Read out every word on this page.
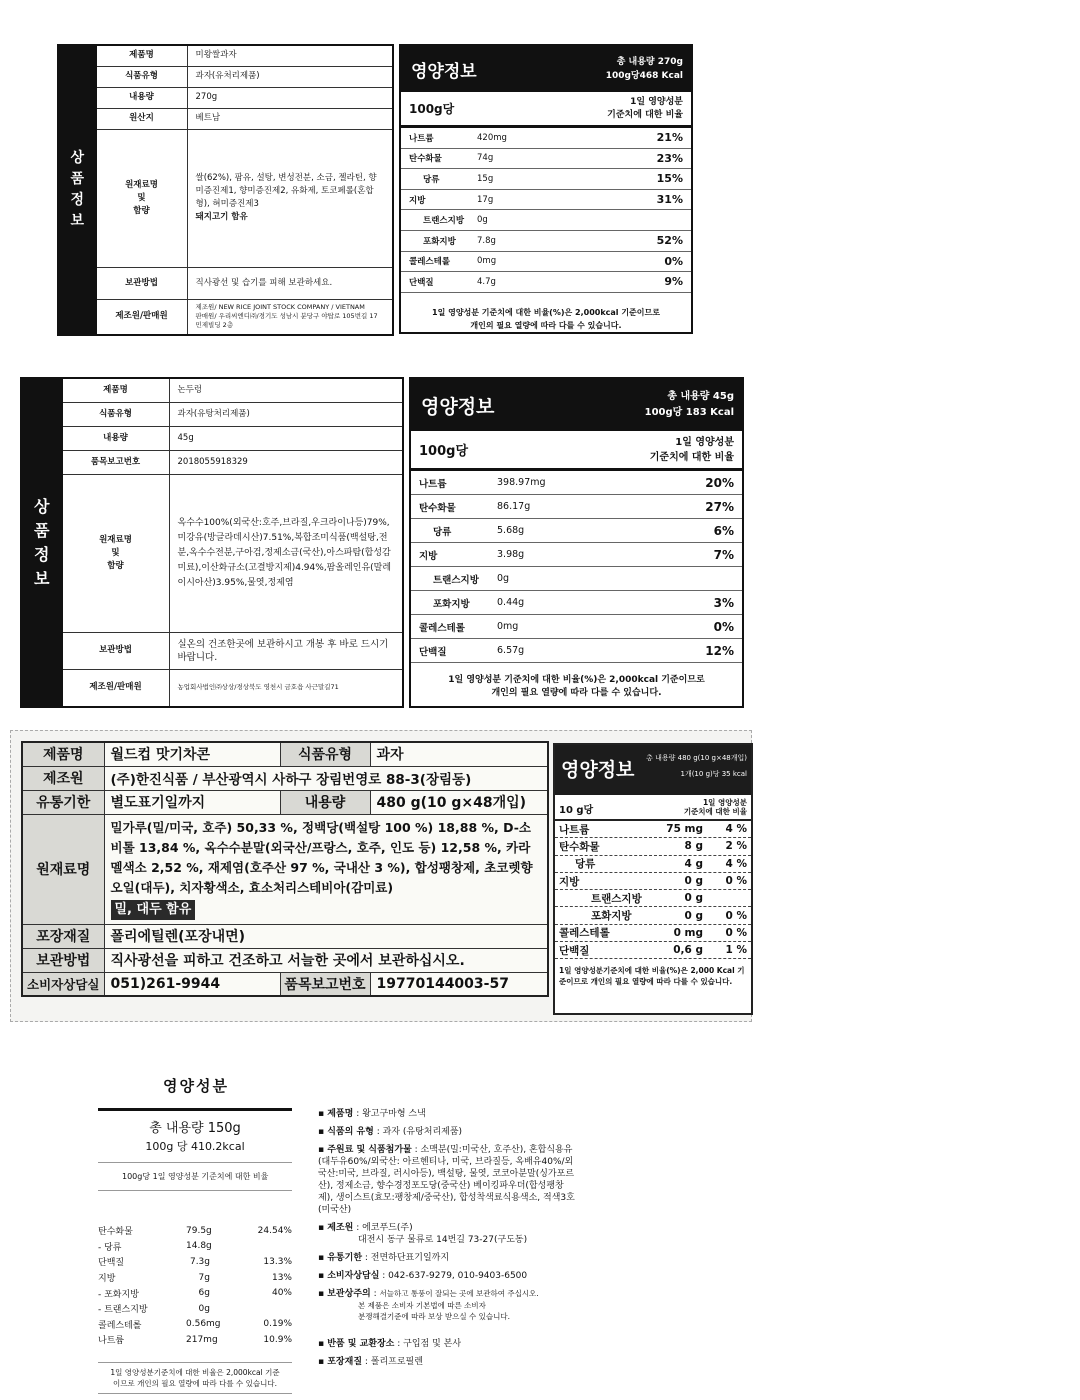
상
품
정
보	제품명	미왕쌀과자
	식품유형	과자(유처리제품)
	내용량	270g
	원산지	베트남
	원재료명
및
함량	쌀(62%), 팜유, 설탕, 변성전분, 소금, 젤라틴, 향미증진제1, 향미증진제2, 유화제, 토코페롤(혼합형), 혀미증진제3
돼지고기 함유
	보관방법	직사광선 및 습기를 피해 보관하세요.
	제조원/판매원	제조원/ NEW RICE JOINT STOCK COMPANY / VIETNAM
판매원/ 우리씨엔디㈜/경기도 성남시 분당구 야탑로 105번길 17 민제빌딩 2층
영양정보	총 내용량 270g
100g당468 Kcal
100g당
1일 영양성분
기준치에 대한 비율
나트륨	420mg	21%
탄수화물	74g	23%
당류	15g	15%
지방	17g	31%
트랜스지방	0g
포화지방	7.8g	52%
콜레스테롤	0mg	0%
단백질	4.7g	9%
1일 영양성분 기준치에 대한 비율(%)은 2,000kcal 기준이므로
개인의 필요 열량에 따라 다를 수 있습니다.
상
품
정
보	제품명	논두렁
	식품유형	과자(유탕처리제품)
	내용량	45g
	품목보고번호	2018055918329
	원재료명
및
함량	옥수수100%(외국산:호주,브라질,우크라이나등)79%,미강유(방글라데시산)7.51%,복합조미식품(백설탕,전분,옥수수전분,구아검,정제소금(국산),아스파탐(합성감미료),이산화규소(고결방지제)4.94%,팜올레인유(말레이시아산)3.95%,물엿,정제염
	보관방법	실온의 건조한곳에 보관하시고 개봉 후 바로 드시기 바랍니다.
	제조원/판매원	농업회사법인㈜상상/경상북도 영천시 금호읍 사근말길71
영양정보	총 내용량 45g
100g당 183 Kcal
100g당
1일 영양성분
기준치에 대한 비율
나트륨	398.97mg	20%
탄수화물	86.17g	27%
당류	5.68g	6%
지방	3.98g	7%
트랜스지방	0g
포화지방	0.44g	3%
콜레스테롤	0mg	0%
단백질	6.57g	12%
1일 영양성분 기준치에 대한 비율(%)은 2,000kcal 기준이므로
개인의 필요 열량에 따라 다를 수 있습니다.
제품명	월드컵 맛기차콘	식품유형	과자
제조원	(주)한진식품 / 부산광역시 사하구 장림번영로 88-3(장림동)		
유통기한	별도표기일까지	내용량	480 g(10 g×48개입)
원재료명	밀가루(밀/미국, 호주) 50,33 %, 정백당(백설탕 100 %) 18,88 %, D-소비톨 13,84 %, 옥수수분말(외국산/프랑스, 호주, 인도 등) 12,58 %, 카라멜색소 2,52 %, 재제염(호주산 97 %, 국내산 3 %), 합성팽창제, 초코렛향오일(대두), 치자황색소, 효소처리스테비아(감미료)
밀, 대두 함유		
포장재질	폴리에틸렌(포장내면)		
보관방법	직사광선을 피하고 건조하고 서늘한 곳에서 보관하십시오.		
소비자상담실	051)261-9944	품목보고번호	19770144003-57
영양정보
총 내용량 480 g(10 g×48개입)
1개(10 g)당 35 kcal
10 g당
1일 영양성분
기준치에 대한 비율
나트륨	75 mg	4 %
탄수화물	8 g	2 %
당류	4 g	4 %
지방	0 g	0 %
트랜스지방	0 g
포화지방	0 g	0 %
콜레스테롤	0 mg	0 %
단백질	0,6 g	1 %
1일 영양성분기준치에 대한 비율(%)은 2,000 Kcal 기준이므로 개인의 필요 열량에 따라 다를 수 있습니다.
영양성분
총 내용량 150g
100g 당 410.2kcal
100g당 1일 영양성분 기준치에 대한 비율
탄수화물	79.5g	24.54%
- 당류	14.8g
단백질	7.3g	13.3%
지방	7g	13%
- 포화지방	6g	40%
- 트랜스지방	0g
콜레스테롤	0.56mg	0.19%
나트륨	217mg	10.9%
1일 영양성분기준치에 대한 비율은 2,000kcal 기준
이므로 개인의 필요 열량에 따라 다를 수 있습니다.
▪ 제품명 : 왕고구마형 스낵
▪ 식품의 유형 : 과자 (유탕처리제품)
▪ 주원료 및 식품첨가물 : 소맥분(밀:미국산, 호주산), 혼합식용유(대두유60%/외국산: 아르헨티나, 미국, 브라질등, 옥배유40%/외국산:미국, 브라질, 러시아등), 백설탕, 물엿, 코코아분말(싱가포르산), 정제소금, 향수경정포도당(중국산) 베이킹파우더(합성팽창제), 생이스트(효모:팽창제/중국산), 합성착색료식용색소, 적색3호(미국산)
▪ 제조원 : 에코푸드(주)
대전시 동구 물류로 14번길 73-27(구도동)
▪ 유통기한 : 전면하단표기일까지
▪ 소비자상담실 : 042-637-9279, 010-9403-6500
▪ 보관상주의 : 서늘하고 통풍이 잘되는 곳에 보관하여 주십시오.
본 제품은 소비자 기본법에 따른 소비자
분쟁해결기준에 따라 보상 받으실 수 있습니다.
▪ 반품 및 교환장소 : 구입점 및 본사
▪ 포장재질 : 폴리프로필렌
